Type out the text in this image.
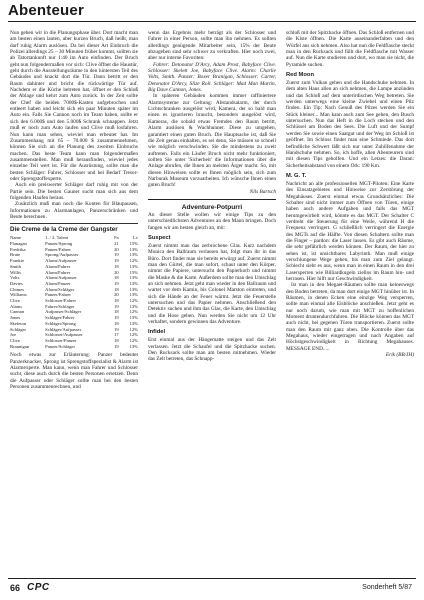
Abenteuer

Nun gehen wir in die Planungsphase über. Dort macht man am besten einen lauten, aber kurzen Bruch, daß heißt, man darf ruhig Alarm auslösen. Da bei dieser Art Einbruch die Polizei allerdings 25 – 30 Minuten früher kommt, sollten sie ab Tatortankunft nur 1:40 im Auto einfinden. Der Bruch geht nun folgendermaßen vor sich: Clive öffnet die Haustür, geht durch die Ausstellungsräume in den hintersten Teil des Gebäudes und knackt dort die Tür. Dann betritt er den Raum dahinter und bricht die rückwärtige Tür auf. Nachdem er die Küche betreten hat, öffnet er den Schloß der Ablage und kehrt zum Auto zurück. In der Zeit sollte der Chef die beiden 7000$-Kasten aufgebrochen und entleert haben und leicht sich ein paar Minuten später im Auto ein. Falls Sie Cannon noch im Team haben, sollte er sich den 6.000$ und den 5.000$ Schrank schnappen. Jetzt muß er noch zum Auto laufen und Clive muß losfahren. Nun kann man sehen, wieviel man erbeutet hat. Im Zusammenhang mit 65 – 70.000 $ zusammennehmen, können Sie sich an die Planung des zweiten Einbruchs machen. Das beste Team kann man folgendermaßen zusammenstellen. Man muß herausfinden, wieviel jedes einzelne Teil wert ist. Für die Ausrüstung, sollte man die besten Schläger: Fahrer, Schlosser und bei Bedarf Tresor- oder Sprengstoffexperte.

Auch ein preiswerter Schläger darf ruhig mit von der Partie sein. Die besten Gauner sucht man sich aus dem folgenden Haufen heraus.

Zusätzlich muß man noch die Konten für Blaupausen, Informationen zu Alarmanlagen, Panzerschränken und Beute berechnen.

Die Creme de la Creme der Gangster
Name	1. / 2. Talent	Fa	Lv
Flanagan	Panzer/Sprong	21	15%
Fredrika	Panzer/Fahrer	20	13%
Brute	Sprong/Aufpasser	19	13%
Frankie	Alarm/Aufpasser	19	12%
Smith	Alarm/Fahrer	18	13%
Willis	Alarm/Fahrer	20	15%
Volts	Alarm/Aufpasser	18	13%
Davies	Alarm/Panzer	19	13%
Chimes	Alarm/Schläger	18	13%
Williams	Panzer/Fahrer	20	13%
Clive	Schlosser/Fahrer	18	12%
Alarm	Fahrer/Schläger	19	13%
Cannon	Aufpasser/Schläger	18	12%
Jones	Schläger/Fahrer	19	13%
Skeleton	Schläger/Sprong	18	13%
Schläger	Schläger/Aufpasser	19	12%
Joe	Schlosser/Aufpasser	17	12%
Clive	Schlosser/Panzer	18	12%
Brannigan	Panzer/Schläger	19	13%

Noch etwas zur Erläuterung: Panzer bedeutet Panzerknacker, Sprong ist Sprengstoffspezialist & Alarm ist Alarmexperte. Man kann, wenn man Fahrer und Schlosser sucht, diese auch durch die besten Personen ersetzen. Denn die Aufpasser oder Schläger sollte man bei den besten Personen zusammenrechnen, und

wenn das Ergebnis mehr beträgt als der Schlosser und Fahrer in einer Person, sollte man ihn nehmen. Es sollten allerdings genügende Mitarbeiter sein, 15% der Beute abzugeben sind sehr schwer zu verkraften. Hier noch zwei, aber nur interne Favoriten:

Fahrer: Detonator D'Arcy, Adam Prost, Babyface Clive. Schlosser: Skelett Joe, Babyface Clive. Alarm: Charlie Volts, Smith. Panzer: Boxer Branigan, Schlosser: Carter, Detonator D'Arcy, Slize Roll. Schläger: Mad Man Martin, Big Dave Cannon, Jones.

In späteren Gebäuden kommen immer raffiniertere Alarmsysteme zur Geltung: Abstandsalarm, der durch Lichtschranken ausgelöst wird, Kamera, der so bald man einen es ignorieren braucht, besonders ausgelöst wird, Kameras, die sobald etwas Fremdes den Raum betritt, Alarm auslösen & Wachhunner. Diese zu umgehen, garantiert einen guten Bruch. Die Hauptsache ist, daß Sie die Zeit genau einhalten, es sei denn, Sie müssen so schnell wie möglich verschwinden. Sie die mindestens zu zweit auftreten. Falls ein Läufer Bruch nicht mehr funktioniert, sollten Sie unter 'Sicherheit' die Informationen über die Anlage abrufen, die Ihnen an meisten Ärger macht. So, mit diesen Hinweisen sollte es Ihnen möglich sein, sich zum Narburak Museum vorzuarbeiten. Ich wünsche Ihnen einen guten Bruch!

Nils Bartsch
Adventure-Potpurri

An dieser Stelle wollen wir einige Tips zu den unterschiedlichsten Adventures an den Mann bringen. Doch fangen wir am besten gleich an, mit:

Suspect

Zuerst nimmt man das zerbrochene Glas. Kurz nachdem Monica den Ballraum verlassen hat, folgt man ihr in das Büro. Dort findet man sie bereits erwürgt auf. Zuerst nimmt man den Gürtel, die man sofort, schaut unter den Körper, nimmt die Papiere, untersucht den Papierkorb und nimmt die Maske & die Karte. Außerdem sollte man den Umschlag an sich nehmen. Jetzt geht man wieder in den Ballraum und wartet vor dem Kamin, bis Colonel Marston eintreten, und sich die Hände an der Feuer wärmt. Jetzt die Feuerstelle untersuchen und das Papier nehmen. Anschließend den Detektiv suchen und ihm das Glas, die Karte, den Umschlag und die Hose geben. Nun werden Sie nicht um 12 Uhr verhaftet, sondern gewinnen das Adventure.

Infidel

Erst einmal aus der Hängematte steigen und das Zelt verlassen. Jetzt die Schaufel und die Spitzhacke suchen. Den Rucksack sollte man am besten mitnehmen. Wieder das Zelt betreten, das Schnapp-

schloß mit der Spitzhacke öffnen. Das Schloß entfernen und die Kiste öffnen. Die Karte auseinanderfalten und den Würfel ans sich nehmen. Also hat nun die Feldflasche steckt man in den Rucksack und füllt die Feldflasche mit Wasser auf. Nun die Karte studieren und dort, wo man sie nicht, die Pyramide suchen.

Red Moon

Zuerst zum Vulkan gehen und die Handschuhe nehmen. In dem alten Haus allen an sich nehmen, die Lampe anzünden und das Schloß auf dem unterirdischen Weg betreten. Sie werden unterwegs eine kleine Zwiebel und einen Pilz finden. Ein Tip: Nach Genuß des Pilzes werden Sie ein Stück kleiner... Man kann auch zum See gehen, den Busch untersuchen. Nun das Heft in die Loch stecken und den Schlüssel am Boden des Sees. Die Luft und der Sumpf werden Sie sowie einen Saatgut und der Weg im Schloß ist geöffnet. Im Schloss findet man eine Schmiede. Das dort befindliche Schwert läßt sich nur unter Zuhilfenahme der Handschuhe nehmen. So, ich hoffe, allen Abenteurern sind mit diesen Tips geholfen. Und ein Letzes: die Daran: Sicherheitsabstand von einem Ork: 190 Km.

M. G. T.

Nachricht an alle professionellen MGT-Piloten: Eine Karte des Einsatzgebietes und Hinweise zur Zerstörung der Megahäuses. Zuerst einmal etwas Grundsätzliches: Die Schalter sind nicht immer zum Öffnen von Türen, einige haben auch andere Aufgaben und falls das MGT herumgewirbelt wird, könnte es das MGT. Der Schalter C verdreht die Steuerung für eine Weile, während H die Frequenz verringert. G schließlich verringert die Energie des MGTs auf die Hälfte. Von diesen Schaltern sollte man die Finger – pardon: die Laser lassen. Es gibt auch Räume, die sehr gefährlich werden können. Der Raum, der hier zu sehen ist, ist unsichtbares Labyrinth. Man muß einige verschlungene Wege gehen, bis man zum Ziel gelangt. Schlecht sieht es aus, wenn man in einen Raum in den drei Lasersperren wie Billiardkugeln ziellos im Raum hin- und herrasen. Hier hilft nur Geschwindigkeit.

Ist man in den Megaet-Räumen sollte man keineswegs den Boden betreten, da man dort einige MGT hinüber ist. In Räumen, in denen Ecken eine einzige Weg versperren, sollte man einmal alle Eisblöcke anschießen. Jetzt geht es nur noch darum, wie man mit MGT zu hoffenlichen Moment druntendurchfahren. Die Blöcke können das MGT auch nicht, bei gegenen Türen transportieren. Zuerst sollte man den Raum mit ganz oben. Die Kontrolle über das Megahaus, wieder eingetragen und nach Angaben auf Höchstgeschwindigkeit in Richtung Megahauses. MESSAGE END.....

Erik (BB/JH)
66 CPC	Sonderheft 5/87
